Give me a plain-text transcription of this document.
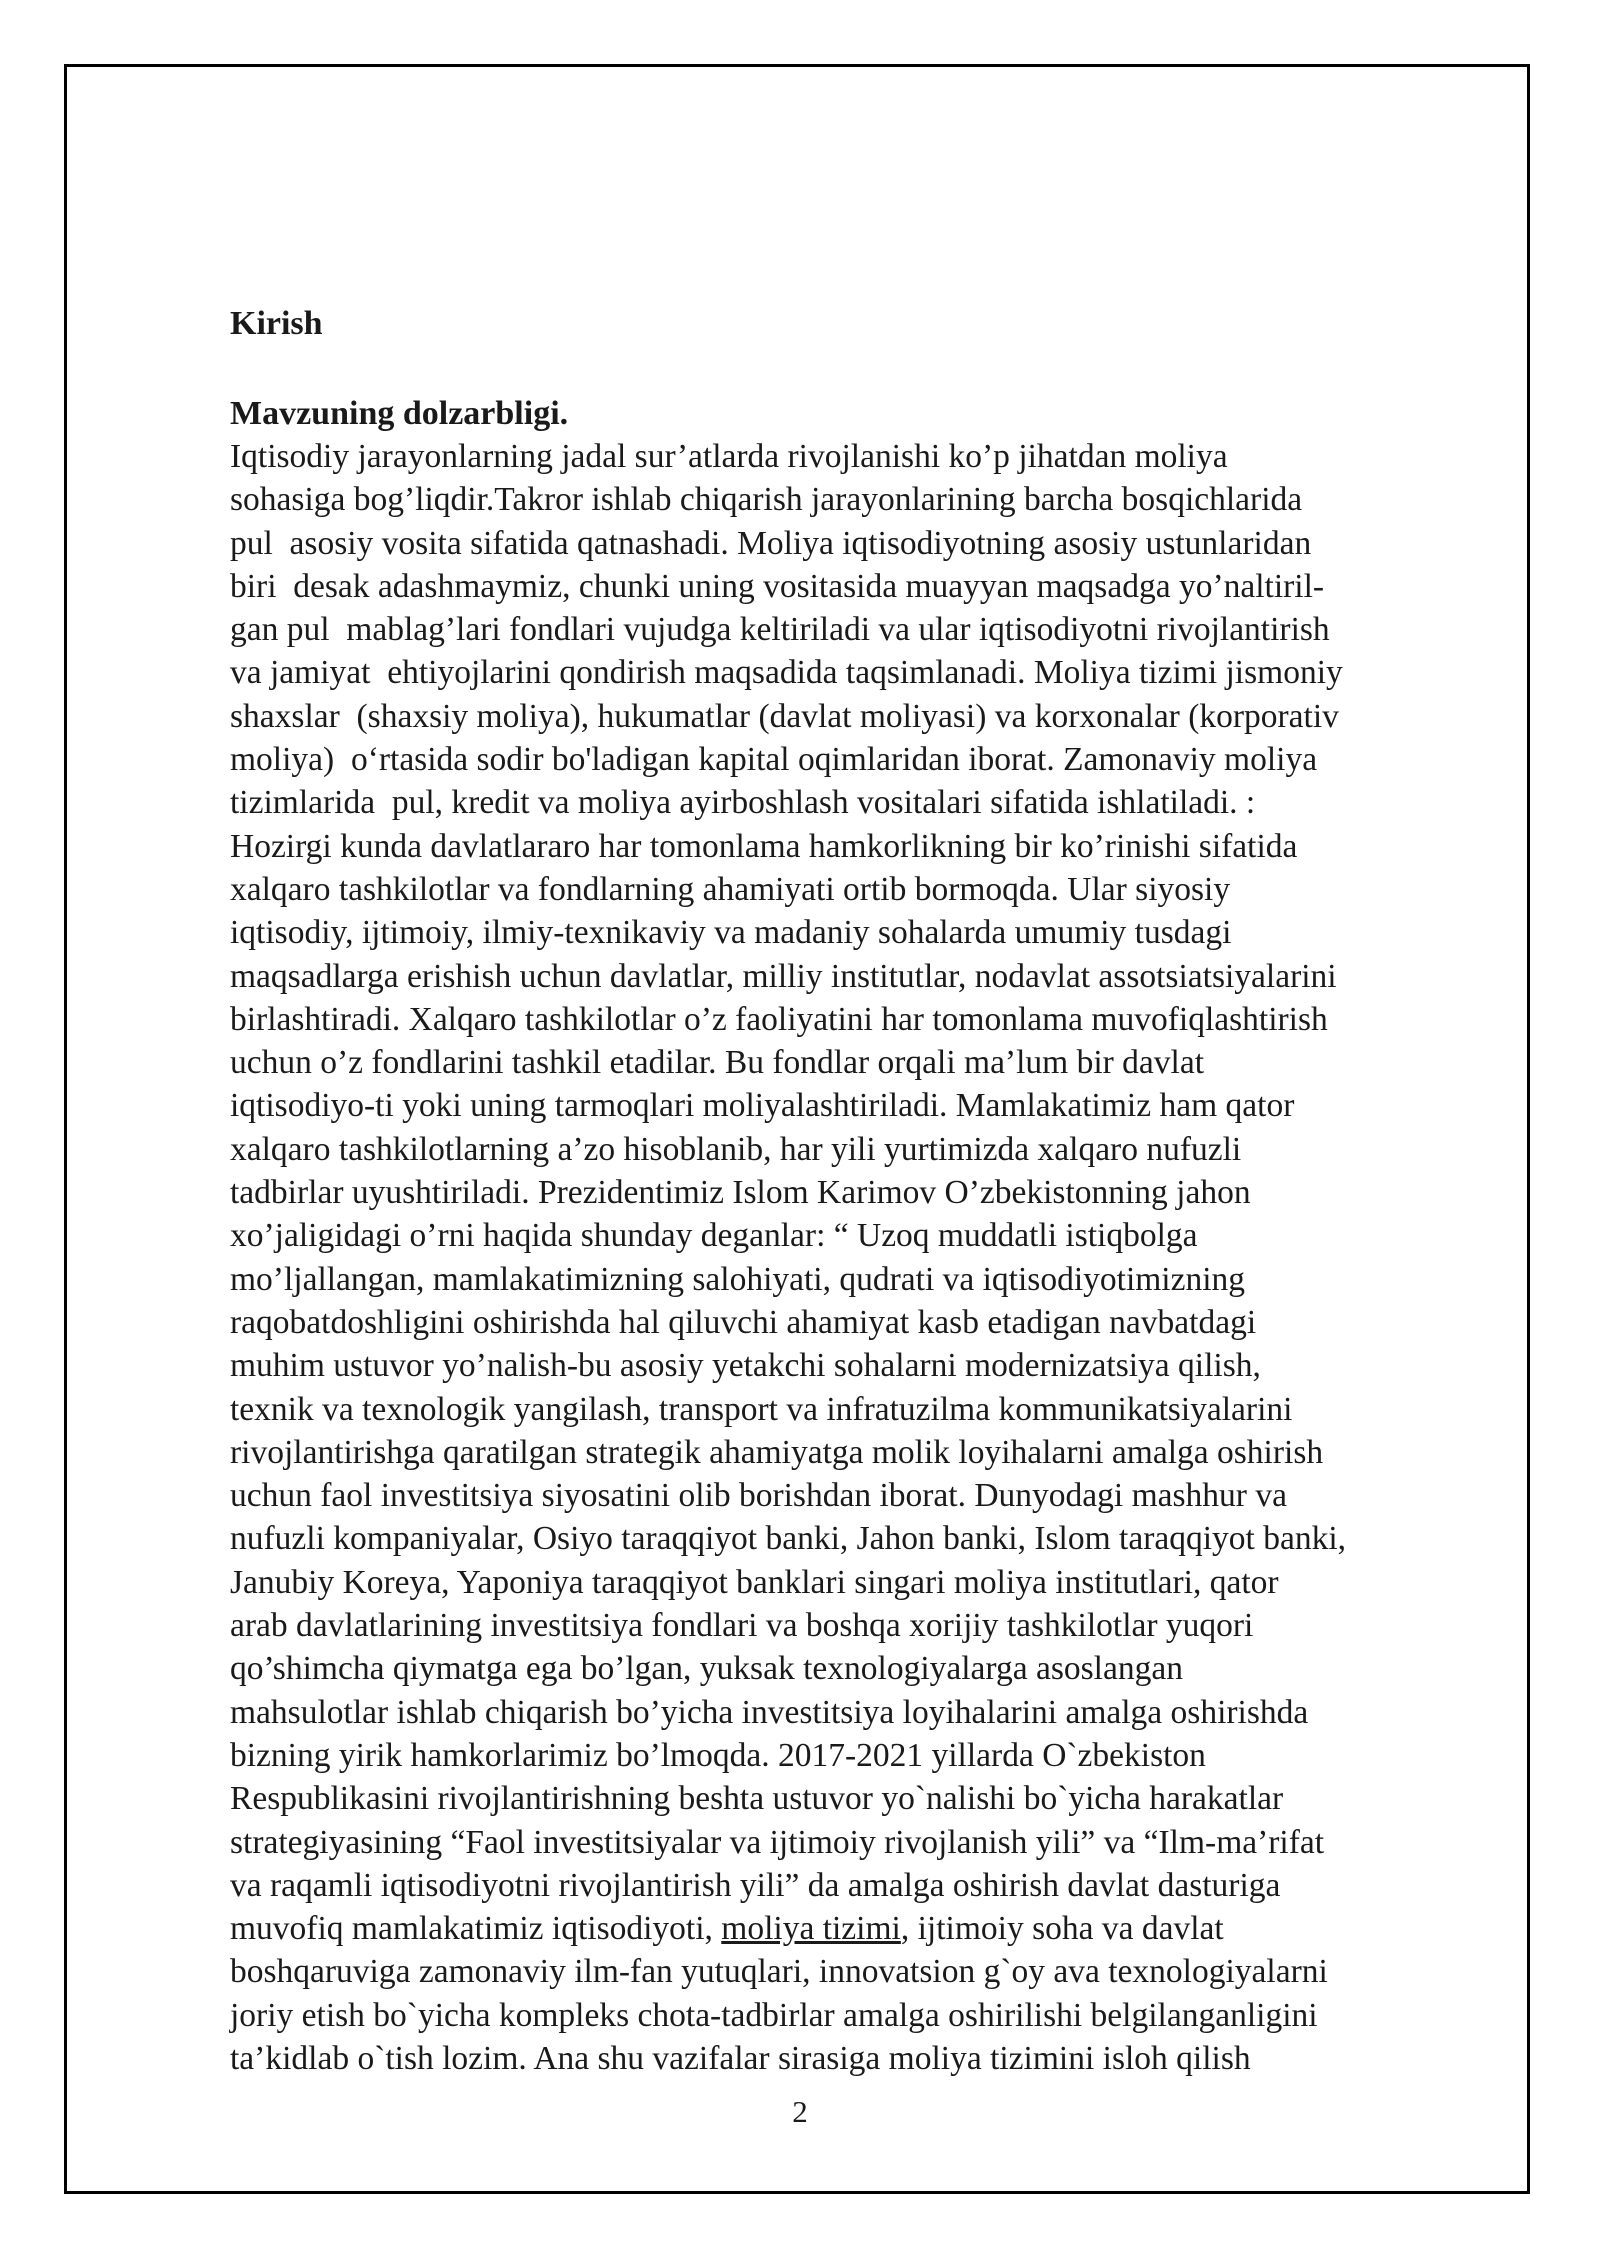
Kirish
Mavzuning dolzarbligi.
Iqtisodiy jarayonlarning jadal sur’atlarda rivojlanishi ko’p jihatdan moliya
sohasiga bog’liqdir.Takror ishlab chiqarish jarayonlarining barcha bosqichlarida
pul  asosiy vosita sifatida qatnashadi. Moliya iqtisodiyotning asosiy ustunlaridan
biri  desak adashmaymiz, chunki uning vositasida muayyan maqsadga yo’naltiril-
gan pul  mablag’lari fondlari vujudga keltiriladi va ular iqtisodiyotni rivojlantirish
va jamiyat  ehtiyojlarini qondirish maqsadida taqsimlanadi. Moliya tizimi jismoniy
shaxslar  (shaxsiy moliya), hukumatlar (davlat moliyasi) va korxonalar (korporativ
moliya)  o‘rtasida sodir bo'ladigan kapital oqimlaridan iborat. Zamonaviy moliya
tizimlarida  pul, kredit va moliya ayirboshlash vositalari sifatida ishlatiladi. :
Hozirgi kunda davlatlararo har tomonlama hamkorlikning bir ko’rinishi sifatida
xalqaro tashkilotlar va fondlarning ahamiyati ortib bormoqda. Ular siyosiy
iqtisodiy, ijtimoiy, ilmiy-texnikaviy va madaniy sohalarda umumiy tusdagi
maqsadlarga erishish uchun davlatlar, milliy institutlar, nodavlat assotsiatsiyalarini
birlashtiradi. Xalqaro tashkilotlar o’z faoliyatini har tomonlama muvofiqlashtirish
uchun o’z fondlarini tashkil etadilar. Bu fondlar orqali ma’lum bir davlat
iqtisodiyo-ti yoki uning tarmoqlari moliyalashtiriladi. Mamlakatimiz ham qator
xalqaro tashkilotlarning a’zo hisoblanib, har yili yurtimizda xalqaro nufuzli
tadbirlar uyushtiriladi. Prezidentimiz Islom Karimov O’zbekistonning jahon
xo’jaligidagi o’rni haqida shunday deganlar: “ Uzoq muddatli istiqbolga
mo’ljallangan, mamlakatimizning salohiyati, qudrati va iqtisodiyotimizning
raqobatdoshligini oshirishda hal qiluvchi ahamiyat kasb etadigan navbatdagi
muhim ustuvor yo’nalish-bu asosiy yetakchi sohalarni modernizatsiya qilish,
texnik va texnologik yangilash, transport va infratuzilma kommunikatsiyalarini
rivojlantirishga qaratilgan strategik ahamiyatga molik loyihalarni amalga oshirish
uchun faol investitsiya siyosatini olib borishdan iborat. Dunyodagi mashhur va
nufuzli kompaniyalar, Osiyo taraqqiyot banki, Jahon banki, Islom taraqqiyot banki,
Janubiy Koreya, Yaponiya taraqqiyot banklari singari moliya institutlari, qator
arab davlatlarining investitsiya fondlari va boshqa xorijiy tashkilotlar yuqori
qo’shimcha qiymatga ega bo’lgan, yuksak texnologiyalarga asoslangan
mahsulotlar ishlab chiqarish bo’yicha investitsiya loyihalarini amalga oshirishda
bizning yirik hamkorlarimiz bo’lmoqda. 2017-2021 yillarda O`zbekiston
Respublikasini rivojlantirishning beshta ustuvor yo`nalishi bo`yicha harakatlar
strategiyasining “Faol investitsiyalar va ijtimoiy rivojlanish yili” va “Ilm-ma’rifat
va raqamli iqtisodiyotni rivojlantirish yili” da amalga oshirish davlat dasturiga
muvofiq mamlakatimiz iqtisodiyoti, moliya tizimi, ijtimoiy soha va davlat
boshqaruviga zamonaviy ilm-fan yutuqlari, innovatsion g`oy ava texnologiyalarni
joriy etish bo`yicha kompleks chota-tadbirlar amalga oshirilishi belgilanganligini
ta’kidlab o`tish lozim. Ana shu vazifalar sirasiga moliya tizimini isloh qilish
2
